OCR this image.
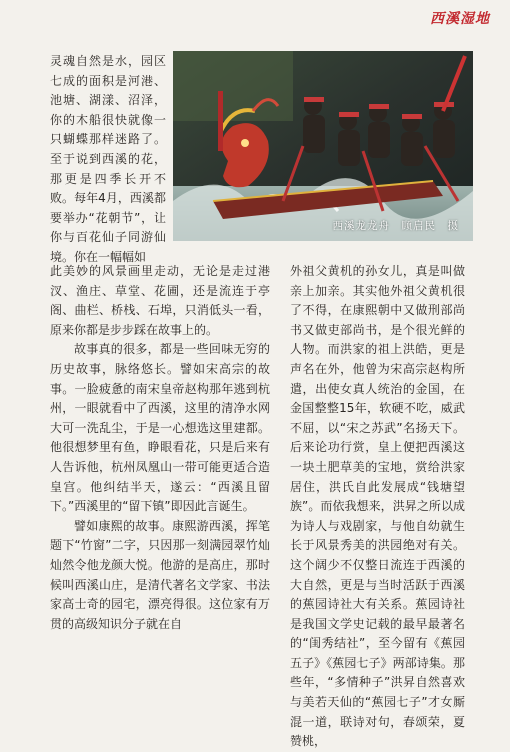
西溪湿地
西溪龙龙舟　顾启民　摄

灵魂自然是水，园区七成的面积是河港、池塘、湖漾、沼泽，你的木船很快就像一只蝴蝶那样迷路了。至于说到西溪的花，那更是四季长开不败。每年4月，西溪都要举办“花朝节”，让你与百花仙子同游仙境。你在一幅幅如

此美妙的风景画里走动，无论是走过港汊、渔庄、草堂、花圃，还是流连于亭阁、曲栏、桥栈、石埠，只消低头一看，原来你都是步步踩在故事上的。

故事真的很多，都是一些回味无穷的历史故事，脉络悠长。譬如宋高宗的故事。一脸疲惫的南宋皇帝赵构那年逃到杭州，一眼就看中了西溪，这里的清净水网大可一洗乱尘，于是一心想选这里建都。他很想梦里有鱼，睁眼看花，只是后来有人告诉他，杭州凤凰山一带可能更适合造皇宫。他纠结半天，遂云：“西溪且留下。”西溪里的“留下镇”即因此言诞生。

譬如康熙的故事。康熙游西溪，挥笔题下“竹窗”二字，只因那一刻满园翠竹灿灿然令他龙颜大悦。他游的是高庄，那时候叫西溪山庄，是清代著名文学家、书法家高士奇的园宅，漂亮得很。这位家有万贯的高级知识分子就在自

外祖父黄机的孙女儿，真是叫做亲上加亲。其实他外祖父黄机很了不得，在康熙朝中又做刑部尚书又做吏部尚书，是个很光鲜的人物。而洪家的祖上洪皓，更是声名在外，他曾为宋高宗赵构所遣，出使女真人统治的金国，在金国整整15年，软硬不吃，威武不屈，以“宋之苏武”名扬天下。后来论功行赏，皇上便把西溪这一块土肥草美的宝地，赏给洪家居住，洪氏自此发展成“钱塘望族”。而依我想来，洪昇之所以成为诗人与戏剧家，与他自幼就生长于风景秀美的洪园绝对有关。这个阔少不仅整日流连于西溪的大自然，更是与当时活跃于西溪的蕉园诗社大有关系。蕉园诗社是我国文学史记载的最早最著名的“闺秀结社”，至今留有《蕉园五子》《蕉园七子》两部诗集。那些年，“多情种子”洪昇自然喜欢与美若天仙的“蕉园七子”才女厮混一道，联诗对句，春颂荣，夏赞桃，
